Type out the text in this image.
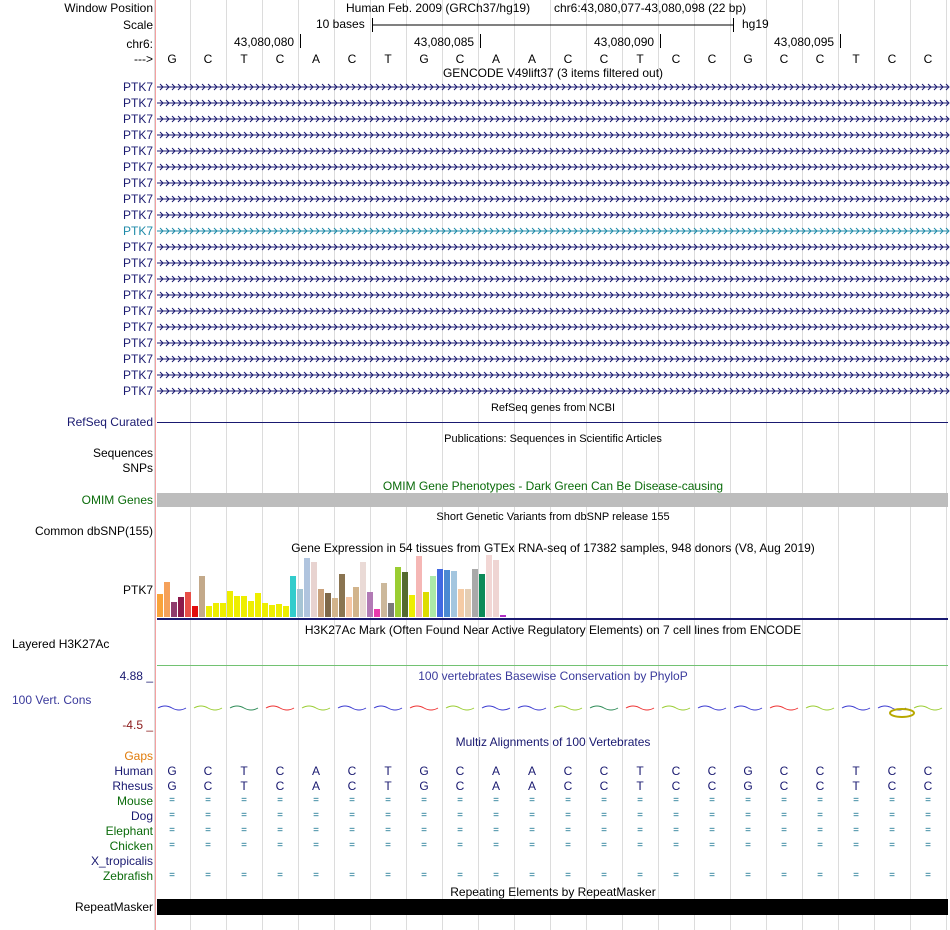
Window Position	Human Feb. 2009 (GRCh37/hg19) chr6:43,080,077-43,080,098 (22 bp)
Scale	10 bases	hg19
chr6:	43,080,080	43,080,085	43,080,090	43,080,095
--->	G	C	T	C	A	C	T	G	C	A	A	C	C	T	C	C	G	C	C	T	C	C
GENCODE V49lift37 (3 items filtered out)
PTK7
PTK7
PTK7
PTK7
PTK7
PTK7
PTK7
PTK7
PTK7
PTK7
PTK7
PTK7
PTK7
PTK7
PTK7
PTK7
PTK7
PTK7
PTK7
PTK7
RefSeq genes from NCBI
RefSeq Curated
Publications: Sequences in Scientific Articles
Sequences
SNPs
OMIM Gene Phenotypes - Dark Green Can Be Disease-causing
OMIM Genes
Short Genetic Variants from dbSNP release 155
Common dbSNP(155)
Gene Expression in 54 tissues from GTEx RNA-seq of 17382 samples, 948 donors (V8, Aug 2019)
PTK7
H3K27Ac Mark (Often Found Near Active Regulatory Elements) on 7 cell lines from ENCODE
Layered H3K27Ac
100 vertebrates Basewise Conservation by PhyloP
4.88 _
100 Vert. Cons
-4.5 _
Multiz Alignments of 100 Vertebrates
Gaps
Human	G	C	T	C	A	C	T	G	C	A	A	C	C	T	C	C	G	C	C	T	C	C
Rhesus	G	C	T	C	A	C	T	G	C	A	A	C	C	T	C	C	G	C	C	T	C	C
Mouse	=	=	=	=	=	=	=	=	=	=	=	=	=	=	=	=	=	=	=	=	=	=
Dog	=	=	=	=	=	=	=	=	=	=	=	=	=	=	=	=	=	=	=	=	=	=
Elephant	=	=	=	=	=	=	=	=	=	=	=	=	=	=	=	=	=	=	=	=	=	=
Chicken	=	=	=	=	=	=	=	=	=	=	=	=	=	=	=	=	=	=	=	=	=	=
X_tropicalis
Zebrafish	=	=	=	=	=	=	=	=	=	=	=	=	=	=	=	=	=	=	=	=	=	=
Repeating Elements by RepeatMasker
RepeatMasker
